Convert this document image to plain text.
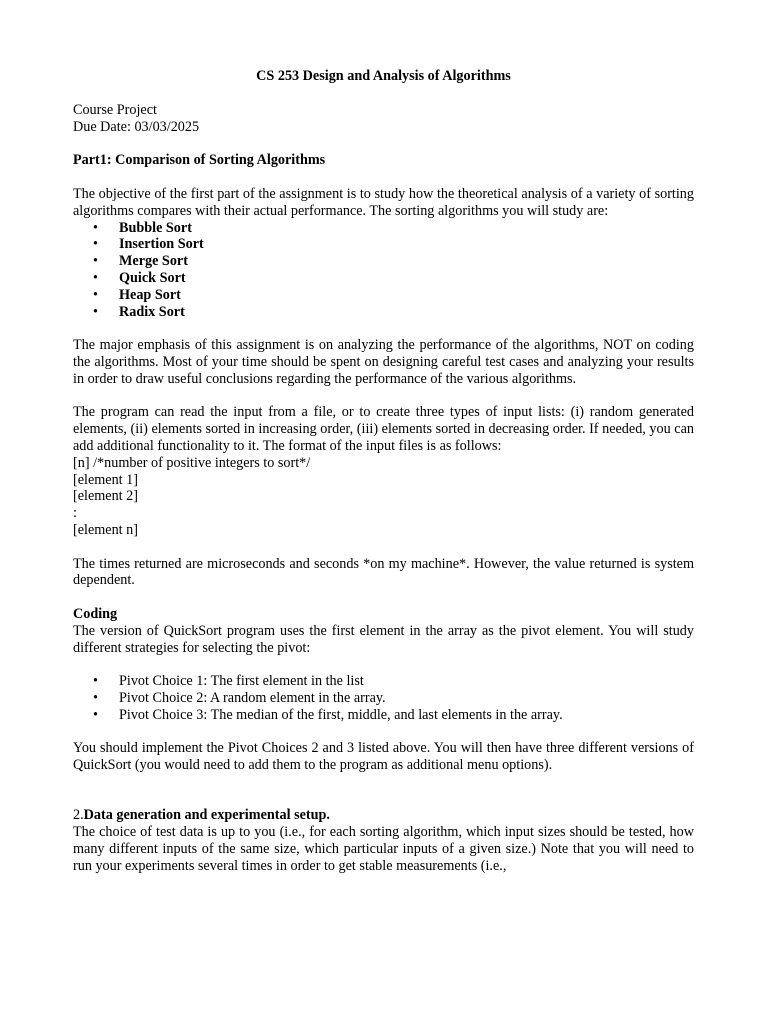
CS 253 Design and Analysis of Algorithms

Course Project

Due Date: 03/03/2025

Part1: Comparison of Sorting Algorithms

The objective of the first part of the assignment is to study how the theoretical analysis of a variety of sorting algorithms compares with their actual performance. The sorting algorithms you will study are:

• Bubble Sort
• Insertion Sort
• Merge Sort
• Quick Sort
• Heap Sort
• Radix Sort

The major emphasis of this assignment is on analyzing the performance of the algorithms, NOT on coding the algorithms. Most of your time should be spent on designing careful test cases and analyzing your results in order to draw useful conclusions regarding the performance of the various algorithms.

The program can read the input from a file, or to create three types of input lists: (i) random generated elements, (ii) elements sorted in increasing order, (iii) elements sorted in decreasing order. If needed, you can add additional functionality to it. The format of the input files is as follows:

[n] /*number of positive integers to sort*/

[element 1]

[element 2]

:

[element n]

The times returned are microseconds and seconds *on my machine*. However, the value returned is system dependent.

Coding

The version of QuickSort program uses the first element in the array as the pivot element. You will study different strategies for selecting the pivot:

• Pivot Choice 1: The first element in the list
• Pivot Choice 2: A random element in the array.
• Pivot Choice 3: The median of the first, middle, and last elements in the array.

You should implement the Pivot Choices 2 and 3 listed above. You will then have three different versions of QuickSort (you would need to add them to the program as additional menu options).

2.Data generation and experimental setup.

The choice of test data is up to you (i.e., for each sorting algorithm, which input sizes should be tested, how many different inputs of the same size, which particular inputs of a given size.) Note that you will need to run your experiments several times in order to get stable measurements (i.e.,
